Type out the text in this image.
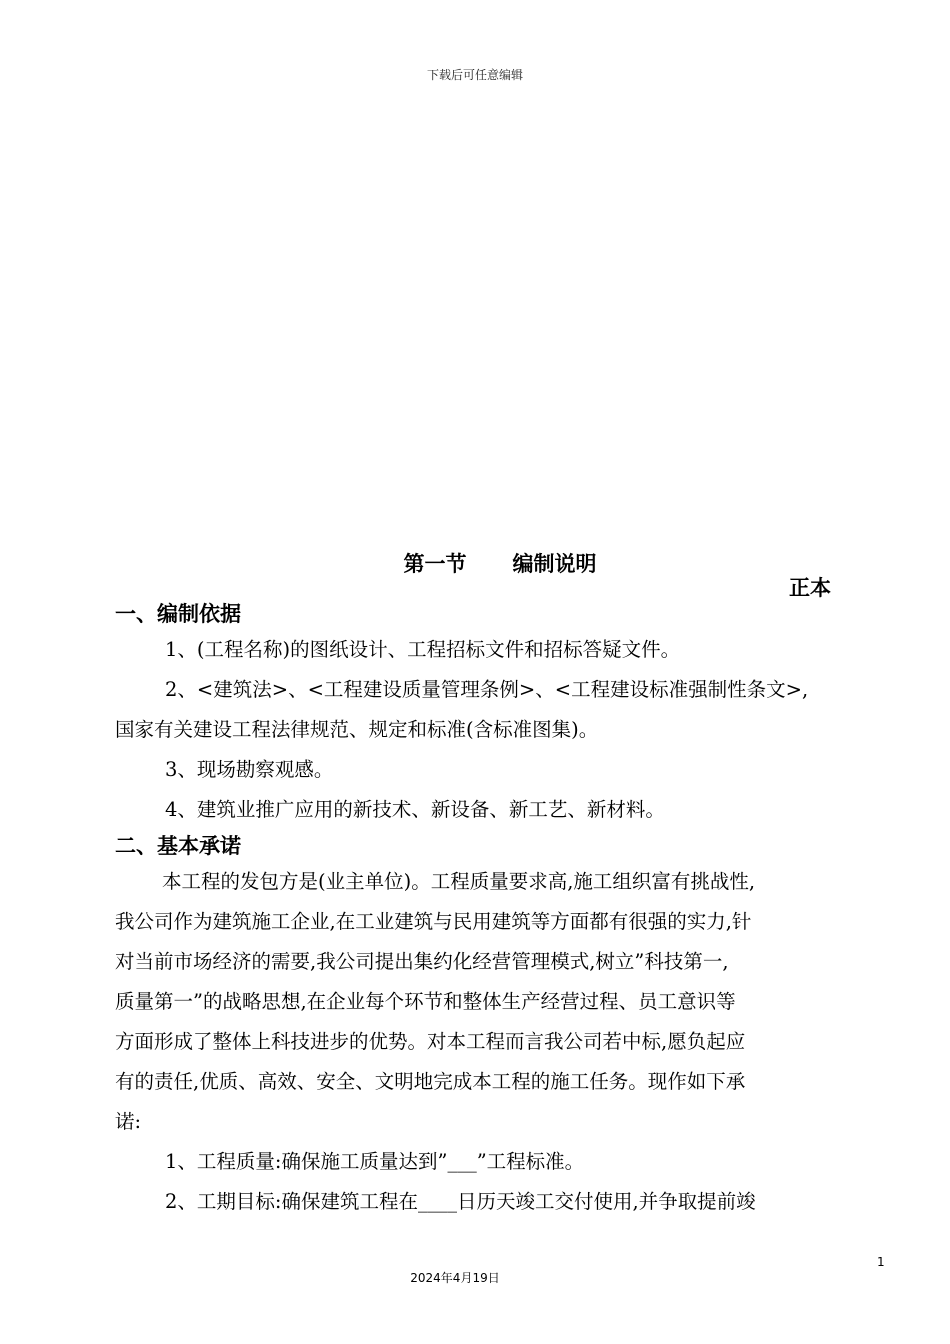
下载后可任意编辑
第一节 编制说明
正本
一、编制依据
1、(工程名称)的图纸设计、工程招标文件和招标答疑文件。
2、<建筑法>、<工程建设质量管理条例>、<工程建设标准强制性条文>,
国家有关建设工程法律规范、规定和标准(含标准图集)。
3、现场勘察观感。
4、建筑业推广应用的新技术、新设备、新工艺、新材料。
二、基本承诺
本工程的发包方是(业主单位)。工程质量要求高,施工组织富有挑战性,
我公司作为建筑施工企业,在工业建筑与民用建筑等方面都有很强的实力,针
对当前市场经济的需要,我公司提出集约化经营管理模式,树立”科技第一,
质量第一”的战略思想,在企业每个环节和整体生产经营过程、员工意识等
方面形成了整体上科技进步的优势。对本工程而言我公司若中标,愿负起应
有的责任,优质、高效、安全、文明地完成本工程的施工任务。现作如下承
诺:
1、工程质量:确保施工质量达到”___”工程标准。
2、工期目标:确保建筑工程在____日历天竣工交付使用,并争取提前竣
1
2024年4月19日
